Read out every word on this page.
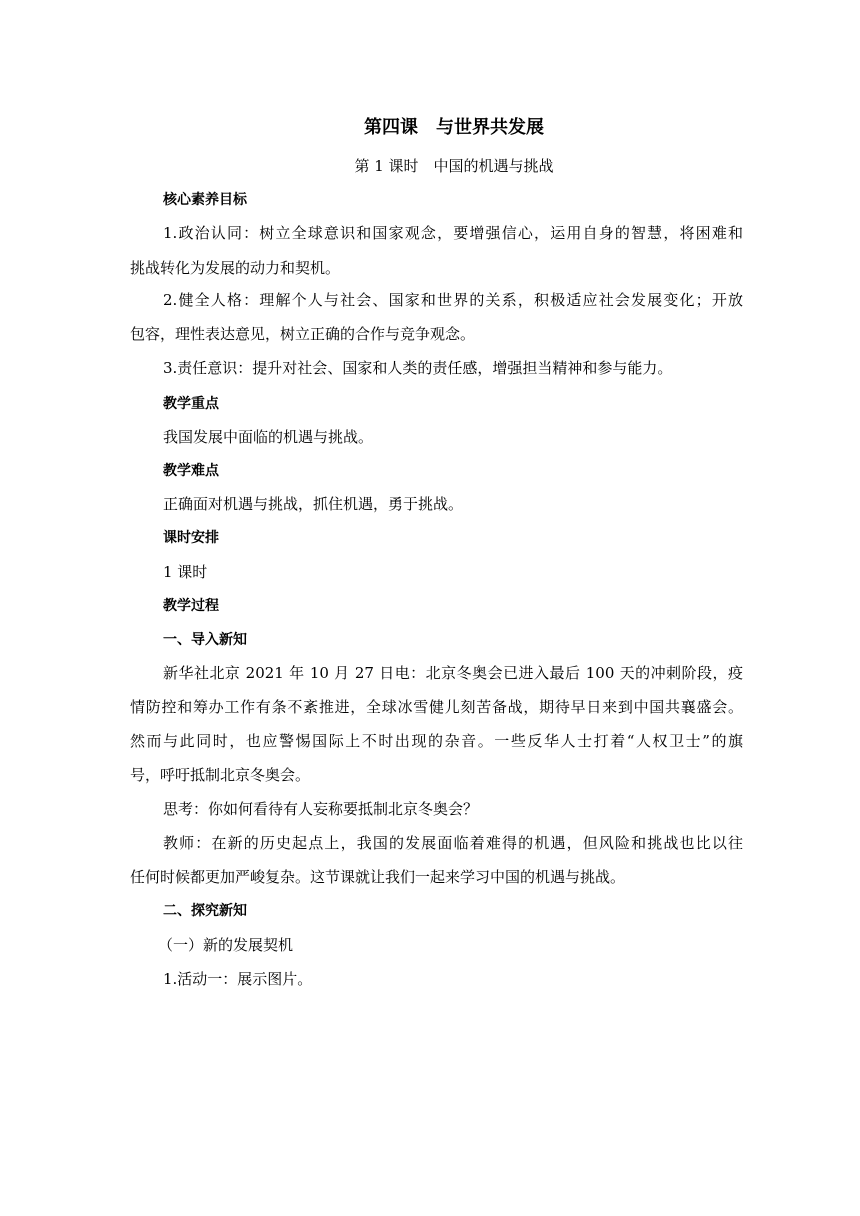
第四课　与世界共发展
第 1 课时　中国的机遇与挑战
核心素养目标
1.政治认同：树立全球意识和国家观念，要增强信心，运用自身的智慧，将困难和
挑战转化为发展的动力和契机。
2.健全人格：理解个人与社会、国家和世界的关系，积极适应社会发展变化；开放
包容，理性表达意见，树立正确的合作与竞争观念。
3.责任意识：提升对社会、国家和人类的责任感，增强担当精神和参与能力。
教学重点
我国发展中面临的机遇与挑战。
教学难点
正确面对机遇与挑战，抓住机遇，勇于挑战。
课时安排
1 课时
教学过程
一、导入新知
新华社北京 2021 年 10 月 27 日电：北京冬奥会已进入最后 100 天的冲刺阶段，疫
情防控和筹办工作有条不紊推进，全球冰雪健儿刻苦备战，期待早日来到中国共襄盛会。
然而与此同时，也应警惕国际上不时出现的杂音。一些反华人士打着“人权卫士”的旗
号，呼吁抵制北京冬奥会。
思考：你如何看待有人妄称要抵制北京冬奥会？
教师：在新的历史起点上，我国的发展面临着难得的机遇，但风险和挑战也比以往
任何时候都更加严峻复杂。这节课就让我们一起来学习中国的机遇与挑战。
二、探究新知
（一）新的发展契机
1.活动一：展示图片。
